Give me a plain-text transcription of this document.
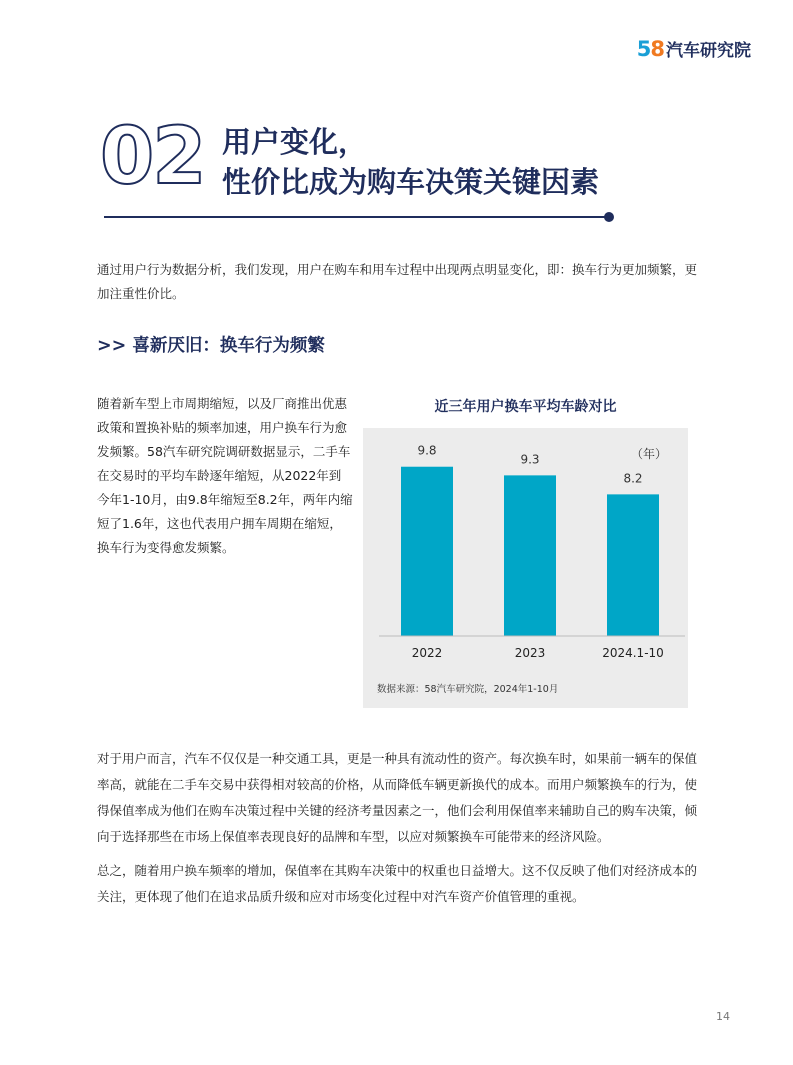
58 汽车研究院
02 用户变化，
性价比成为购车决策关键因素

通过用户行为数据分析，我们发现，用户在购车和用车过程中出现两点明显变化，即：换车行为更加频繁，更加注重性价比。

>> 喜新厌旧：换车行为频繁

随着新车型上市周期缩短，以及厂商推出优惠政策和置换补贴的频率加速，用户换车行为愈发频繁。58汽车研究院调研数据显示，二手车在交易时的平均车龄逐年缩短，从2022年到今年1-10月，由9.8年缩短至8.2年，两年内缩短了1.6年，这也代表用户拥车周期在缩短，换车行为变得愈发频繁。

近三年用户换车平均车龄对比
（年）
9.8
2022
9.3
2023
8.2
2024.1-10
数据来源：58汽车研究院，2024年1-10月

对于用户而言，汽车不仅仅是一种交通工具，更是一种具有流动性的资产。每次换车时，如果前一辆车的保值率高，就能在二手车交易中获得相对较高的价格，从而降低车辆更新换代的成本。而用户频繁换车的行为，使得保值率成为他们在购车决策过程中关键的经济考量因素之一，他们会利用保值率来辅助自己的购车决策，倾向于选择那些在市场上保值率表现良好的品牌和车型，以应对频繁换车可能带来的经济风险。

总之，随着用户换车频率的增加，保值率在其购车决策中的权重也日益增大。这不仅反映了他们对经济成本的关注，更体现了他们在追求品质升级和应对市场变化过程中对汽车资产价值管理的重视。

14
